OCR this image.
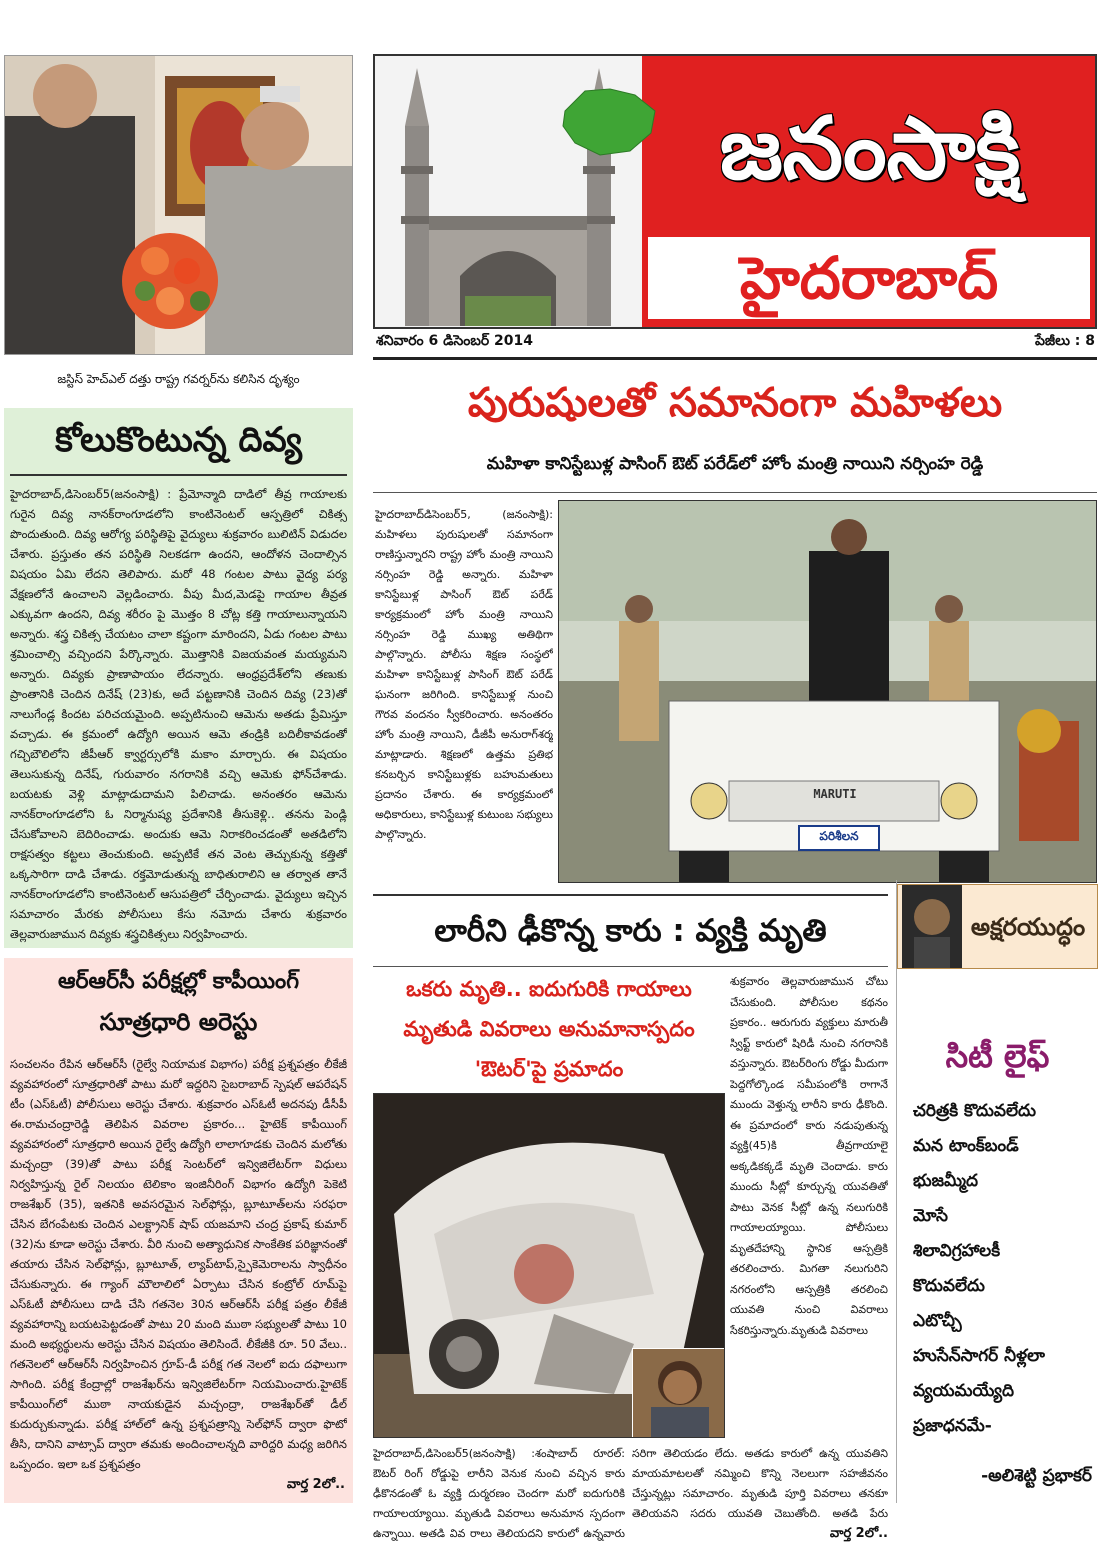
జస్టిస్ హెచ్‌ఎల్ దత్తు రాష్ట్ర గవర్నర్‌ను కలిసిన దృశ్యం
జనంసాక్షి
హైదరాబాద్
శనివారం 6 డిసెంబర్ 2014	పేజీలు : 8
కోలుకొంటున్న దివ్య
హైదరాబాద్,డిసెంబర్5(జనంసాక్షి) : ప్రేమోన్మాది దాడిలో తీవ్ర గాయాలకు గురైన దివ్య నానక్‌రాంగూడలోని కాంటినెంటల్ ఆస్పత్రిలో చికిత్స పొందుతుంది. దివ్య ఆరోగ్య పరిస్థితిపై వైద్యులు శుక్రవారం బులిటిన్ విడుదల చేశారు. ప్రస్తుతం తన పరిస్థితి నిలకడగా ఉందని, ఆందోళన చెందాల్సిన విషయం ఏమి లేదని తెలిపారు. మరో 48 గంటల పాటు వైద్య పర్య వేక్షణలోనే ఉంచాలని వెల్లడించారు. వీపు మీద,మెడపై గాయాల తీవ్రత ఎక్కువగా ఉందని, దివ్య శరీరం పై మొత్తం 8 చోట్ల కత్తి గాయాలున్నాయని అన్నారు. శస్త్ర చికిత్స చేయటం చాలా కష్టంగా మారిందని, ఏడు గంటల పాటు శ్రమించాల్సి వచ్చిందని పేర్కొన్నారు. మొత్తానికి విజయవంత మయ్యమని అన్నారు. దివ్యకు ప్రాణాపాయం లేదన్నారు. ఆంధ్రప్రదేశ్‌లోని తణుకు ప్రాంతానికి చెందిన దినేష్ (23)కు, అదే పట్టణానికి చెందిన దివ్య (23)తో నాలుగేండ్ల కిందట పరిచయమైంది. అప్పటినుంచి ఆమెను అతడు ప్రేమిస్తూ వచ్చాడు. ఈ క్రమంలో ఉద్యోగి అయిన ఆమె తండ్రికి బదిలీకావడంతో గచ్చిబౌలిలోని జీపీఆర్ క్వార్టర్సులోకి మకాం మార్చారు. ఈ విషయం తెలుసుకున్న దినేష్, గురువారం నగరానికి వచ్చి ఆమెకు ఫోన్‌చేశాడు. బయటకు వెళ్లి మాట్లాడుదామని పిలిచాడు. అనంతరం ఆమెను నానక్‌రాంగూడలోని ఓ నిర్మానుష్య ప్రదేశానికి తీసుకెళ్లి.. తనను పెండ్లి చేసుకోవాలని బెదిరించాడు. అందుకు ఆమె నిరాకరించడంతో అతడిలోని రాక్షసత్వం కట్టలు తెంచుకుంది. అప్పటికే తన వెంట తెచ్చుకున్న కత్తితో ఒక్కసారిగా దాడి చేశాడు. రక్తమోడుతున్న బాధితురాలిని ఆ తర్వాత తానే నానక్‌రాంగూడలోని కాంటినెంటల్ ఆసుపత్రిలో చేర్పించాడు. వైద్యులు ఇచ్చిన సమాచారం మేరకు పోలీసులు కేసు నమోదు చేశారు శుక్రవారం తెల్లవారుజామున దివ్యకు శస్త్రచికిత్సలు నిర్వహించారు.
ఆర్‌ఆర్‌సీ పరీక్షల్లో కాపీయింగ్
సూత్రధారి అరెస్టు
సంచలనం రేపిన ఆర్‌ఆర్‌సీ (రైల్వే నియామక విభాగం) పరీక్ష ప్రశ్నపత్రం లీకేజీ వ్యవహారంలో సూత్రధారితో పాటు మరో ఇద్దరిని సైబరాబాద్ స్పెషల్ ఆపరేషన్ టీం (ఎస్‌ఓటీ) పోలీసులు అరెస్టు చేశారు. శుక్రవారం ఎస్‌ఓటీ అదనపు డీసీపీ ఈ.రామచంద్రారెడ్డి తెలిపిన వివరాల ప్రకారం... హైటెక్ కాపీయింగ్ వ్యవహారంలో సూత్రధారి అయిన రైల్వే ఉద్యోగి లాలాగూడకు చెందిన మలోతు మచ్చంద్రా (39)తో పాటు పరీక్ష సెంటర్‌లో ఇన్విజిలేటర్‌గా విధులు నిర్వహిస్తున్న రైల్ నిలయం టెలికాం ఇంజినీరింగ్ విభాగం ఉద్యోగి పెకెటి రాజశేఖర్ (35), ఇతనికి అవసరమైన సెల్‌ఫోన్లు, బ్లూటూత్‌లను సరఫరా చేసిన బేగంపేటకు చెందిన ఎలక్ట్రానిక్ షాప్ యజమాని చంద్ర ప్రకాష్ కుమార్ (32)ను కూడా అరెస్టు చేశారు. వీరి నుంచి అత్యాధునిక సాంకేతిక పరిజ్ఞానంతో తయారు చేసిన సెల్‌ఫోన్లు, బ్లూటూత్, ల్యాప్‌టాప్,స్పైకెమెరాలను స్వాధీనం చేసుకున్నారు. ఈ గ్యాంగ్ మౌలాలిలో ఏర్పాటు చేసిన కంట్రోల్ రూమ్‌పై ఎస్‌ఓటీ పోలీసులు దాడి చేసి గతనెల 30న ఆర్‌ఆర్‌సీ పరీక్ష పత్రం లీకేజీ వ్యవహారాన్ని బయటపెట్టడంతో పాటు 20 మంది ముఠా సభ్యులతో పాటు 10 మంది అభ్యర్థులను అరెస్టు చేసిన విషయం తెలిసిందే. లీకేజీకి రూ. 50 వేలు.. గతనెలలో ఆర్‌ఆర్‌సీ నిర్వహించిన గ్రూప్-డీ పరీక్ష గత నెలలో ఐదు దఫాలుగా సాగింది. పరీక్ష కేంద్రాల్లో రాజశేఖర్‌ను ఇన్విజిలేటర్‌గా నియమించారు.హైటెక్ కాపీయింగ్‌లో ముఠా నాయకుడైన మచ్చంద్రా, రాజశేఖర్‌తో డీల్ కుదుర్చుకున్నాడు. పరీక్ష హాల్‌లో ఉన్న ప్రశ్నపత్రాన్ని సెల్‌ఫోన్ ద్వారా ఫొటో తీసి, దానిని వాట్సాప్ ద్వారా తమకు అందించాలన్నది వారిద్దరి మధ్య జరిగిన ఒప్పందం. ఇలా ఒక ప్రశ్నపత్రం
వార్త 2లో..
పురుషులతో సమానంగా మహిళలు
మహిళా కానిస్టేబుళ్ల పాసింగ్ ఔట్ పరేడ్‌లో హోం మంత్రి నాయిని నర్సింహ రెడ్డి
హైదరాబాద్‌డిసెంబర్5, (జనంసాక్షి): మహిళలు పురుషులతో సమానంగా రాణిస్తున్నారని రాష్ట్ర హోం మంత్రి నాయిని నర్సింహ రెడ్డి అన్నారు. మహిళా కానిస్టేబుళ్ల పాసింగ్ ఔట్ పరేడ్ కార్యక్రమంలో హోం మంత్రి నాయిని నర్సింహ రెడ్డి ముఖ్య అతిథిగా పాల్గొన్నారు. పోలీసు శిక్షణ సంస్థలో మహిళా కానిస్టేబుళ్ల పాసింగ్ ఔట్ పరేడ్ ఘనంగా జరిగింది. కానిస్టేబుళ్ల నుంచి గౌరవ వందనం స్వీకరించారు. అనంతరం హోం మంత్రి నాయిని, డీజీపీ అనురాగ్‌శర్మ మాట్లాడారు. శిక్షణలో ఉత్తమ ప్రతిభ కనబర్చిన కానిస్టేబుళ్లకు బహుమతులు ప్రదానం చేశారు. ఈ కార్యక్రమంలో అధికారులు, కానిస్టేబుళ్ల కుటుంబ సభ్యులు పాల్గొన్నారు.
MARUTI
పరిశీలన
లారీని ఢీకొన్న కారు : వ్యక్తి మృతి
ఒకరు మృతి.. ఐదుగురికి గాయాలు
మృతుడి వివరాలు అనుమానాస్పదం
'ఔటర్'పై ప్రమాదం
శుక్రవారం తెల్లవారుజామున చోటు చేసుకుంది. పోలీసుల కథనం ప్రకారం.. ఆరుగురు వ్యక్తులు మారుతీ స్విఫ్ట్ కారులో షిరిడీ నుంచి నగరానికి వస్తున్నారు. ఔటర్‌రింగు రోడ్డు మీదుగా పెద్దగోల్కొండ సమీపంలోకి రాగానే ముందు వెళ్తున్న లారీని కారు ఢీకొంది. ఈ ప్రమాదంలో కారు నడుపుతున్న వ్యక్తి(45)కి తీవ్రగాయాలై అక్కడికక్కడే మృతి చెందాడు. కారు ముందు సీట్లో కూర్చున్న యువతితో పాటు వెనక సీట్లో ఉన్న నలుగురికి గాయాలయ్యాయి. పోలీసులు మృతదేహాన్ని స్థానిక ఆస్పత్రికి తరలించారు. మిగతా నలుగురిని నగరంలోని ఆస్పత్రికి తరలించి యువతి నుంచి వివరాలు సేకరిస్తున్నారు.మృతుడి వివరాలు
హైదరాబాద్,డిసెంబర్5(జనంసాక్షి) :శంషాబాద్ రూరల్: ఔటర్ రింగ్ రోడ్డుపై లారీని వెనుక నుంచి వచ్చిన కారు ఢీకొనడంతో ఓ వ్యక్తి దుర్మరణం చెందగా మరో ఐదుగురికి గాయాలయ్యాయి. మృతుడి వివరాలు అనుమాన స్పదంగా ఉన్నాయి. అతడి వివ రాలు తెలియదని కారులో ఉన్నవారు
సరిగా తెలియడం లేదు. అతడు కారులో ఉన్న యువతిని మాయమాటలతో నమ్మించి కొన్ని నెలలుగా సహజీవనం చేస్తున్నట్లు సమాచారం. మృతుడి పూర్తి వివరాలు తనకూ తెలియవని సదరు యువతి చెబుతోంది. అతడి పేరు
వార్త 2లో..
అక్షరయుద్ధం
సిటీ లైఫ్
చరిత్రకి కొదువలేదు
మన టాంక్‌బండ్
భుజమ్మీద
మోసే
శిలావిగ్రహాలకీ
కొదువలేదు
ఎటొచ్చీ
హుసేన్‌సాగర్ నీళ్లలా
వ్యయమయ్యేది
ప్రజాధనమే-
-అలిశెట్టి ప్రభాకర్
